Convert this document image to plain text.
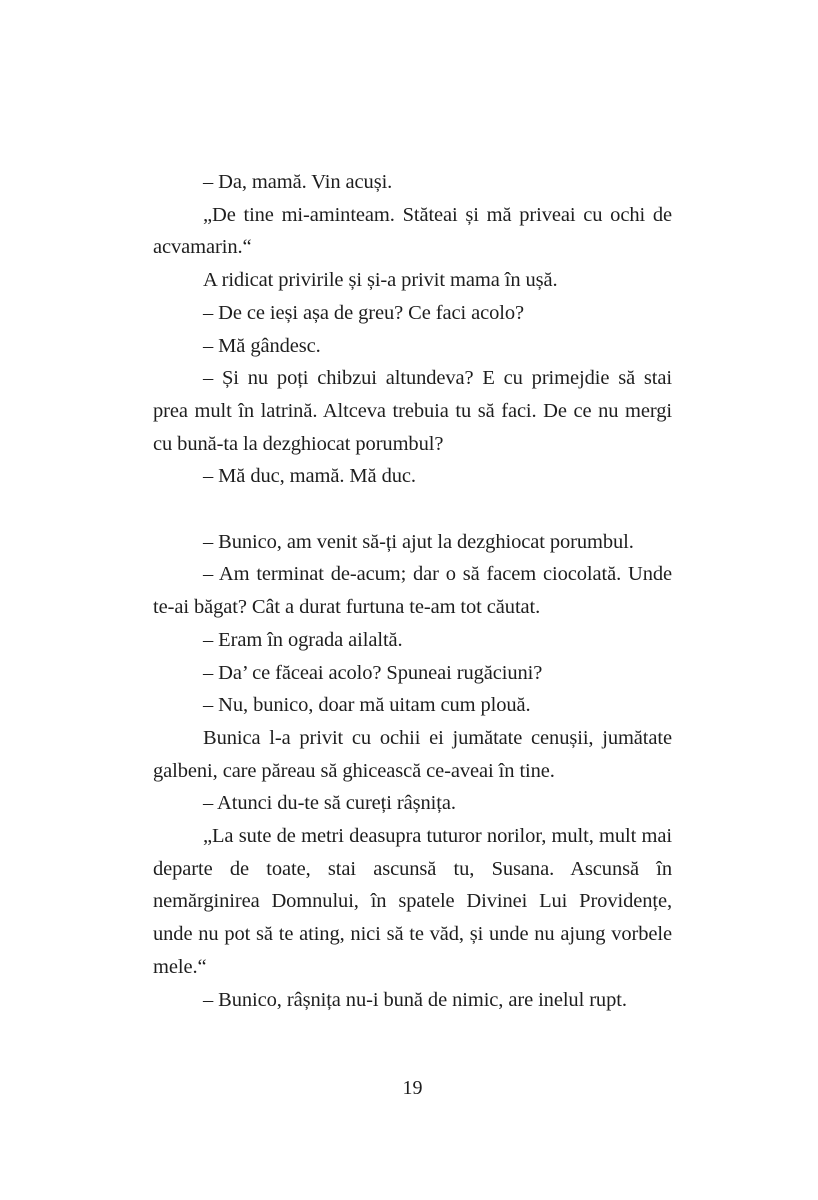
– Da, mamă. Vin acuși.

„De tine mi-aminteam. Stăteai și mă priveai cu ochi de acvamarin.“

A ridicat privirile și și-a privit mama în ușă.

– De ce ieși așa de greu? Ce faci acolo?

– Mă gândesc.

– Și nu poți chibzui altundeva? E cu primejdie să stai prea mult în latrină. Altceva trebuia tu să faci. De ce nu mergi cu bună-ta la dezghiocat porumbul?

– Mă duc, mamă. Mă duc.

– Bunico, am venit să-ți ajut la dezghiocat porumbul.

– Am terminat de-acum; dar o să facem ciocolată. Unde te-ai băgat? Cât a durat furtuna te-am tot căutat.

– Eram în ograda ailaltă.

– Da’ ce făceai acolo? Spuneai rugăciuni?

– Nu, bunico, doar mă uitam cum plouă.

Bunica l-a privit cu ochii ei jumătate cenușii, jumătate galbeni, care păreau să ghicească ce-aveai în tine.

– Atunci du-te să cureți râșnița.

„La sute de metri deasupra tuturor norilor, mult, mult mai departe de toate, stai ascunsă tu, Susana. Ascunsă în nemărginirea Domnului, în spatele Divinei Lui Providențe, unde nu pot să te ating, nici să te văd, și unde nu ajung vorbele mele.“

– Bunico, râșnița nu-i bună de nimic, are inelul rupt.

19
